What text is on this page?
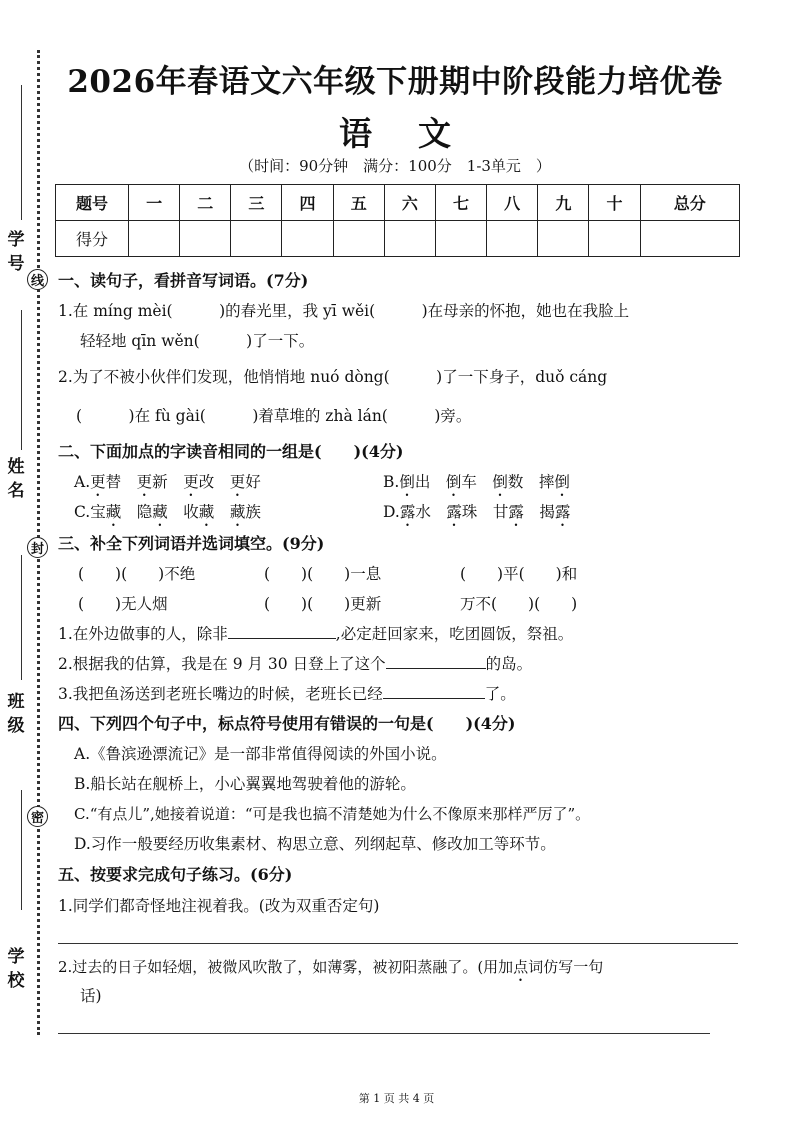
学号
姓名
班级
学校
线
封
密
2026年春语文六年级下册期中阶段能力培优卷
语文
（时间：90分钟　满分：100分　1-3单元　）
题号	一	二	三	四	五	六	七	八	九	十	总分
得分											
一、读句子，看拼音写词语。(7分)
1.在 míng mèi(　　　)的春光里，我 yī wěi(　　　)在母亲的怀抱，她也在我脸上
轻轻地 qīn wěn(　　　)了一下。
2.为了不被小伙伴们发现，他悄悄地 nuó dòng(　　　)了一下身子，duǒ cáng
(　　　)在 fù gài(　　　)着草堆的 zhà lán(　　　)旁。
二、下面加点的字读音相同的一组是(　　)(4分)
A.更替　更新　更改　更好	B.倒出　倒车　倒数　摔倒
C.宝藏　隐藏　收藏　 藏族	D.露水　露珠　甘露　揭露
三、补全下列词语并选词填空。(9分)
(　　)(　　)不绝	(　　)(　　)一息	(　　)平(　　)和
(　　)无人烟	(　　)(　　)更新	万不(　　)(　　)
1.在外边做事的人，除非	,必定赶回家来，吃团圆饭，祭祖。
2.根据我的估算，我是在 9 月 30 日登上了这个	的岛。
3.我把鱼汤送到老班长嘴边的时候，老班长已经	了。
四、下列四个句子中，标点符号使用有错误的一句是(　　)(4分)
A.《鲁滨逊漂流记》是一部非常值得阅读的外国小说。
B.船长站在舰桥上，小心翼翼地驾驶着他的游轮。
C.“有点儿”,她接着说道：“可是我也搞不清楚她为什么不像原来那样严厉了”。
D.习作一般要经历收集素材、构思立意、列纲起草、修改加工等环节。
五、按要求完成句子练习。(6分)
1.同学们都奇怪地注视着我。(改为双重否定句)
2.过去的日子如轻烟，被微风吹散了，如薄雾，被初阳蒸融了。(用加点词仿写一句
话)
第 1 页 共 4 页
